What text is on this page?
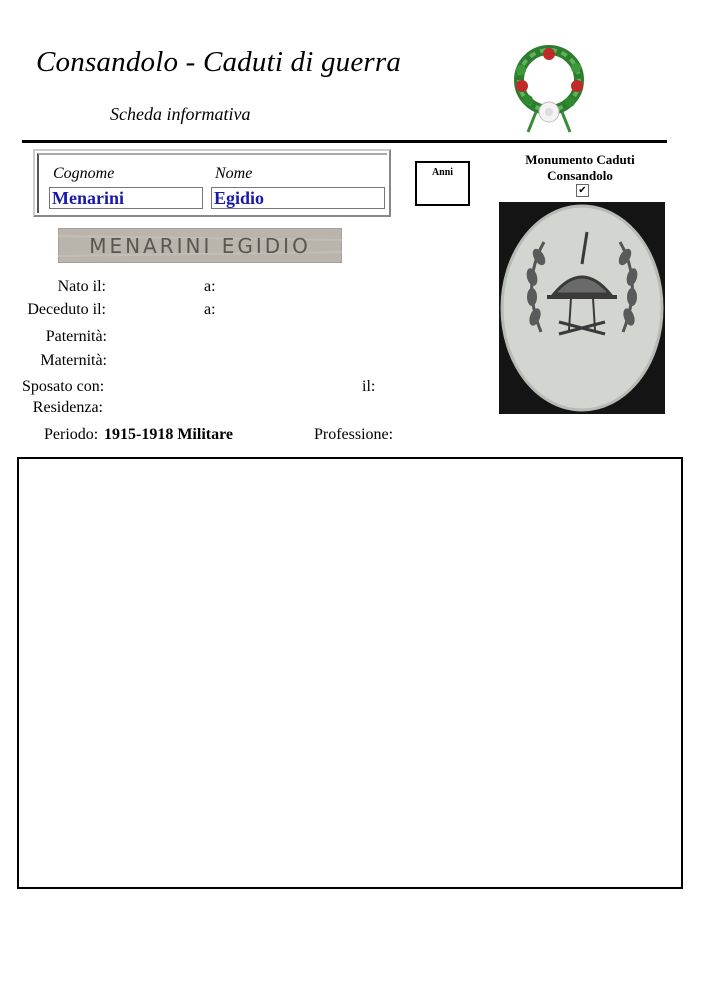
Consandolo - Caduti di guerra
Scheda informativa
Cognome	Nome
Menarini	Egidio
Anni
Monumento Caduti
Consandolo
✔
MENARINI EGIDIO
Nato il:	a:
Deceduto il:	a:
Paternità:
Maternità:
Sposato con:	il:
Residenza:
Periodo: 1915-1918 Militare	Professione:
